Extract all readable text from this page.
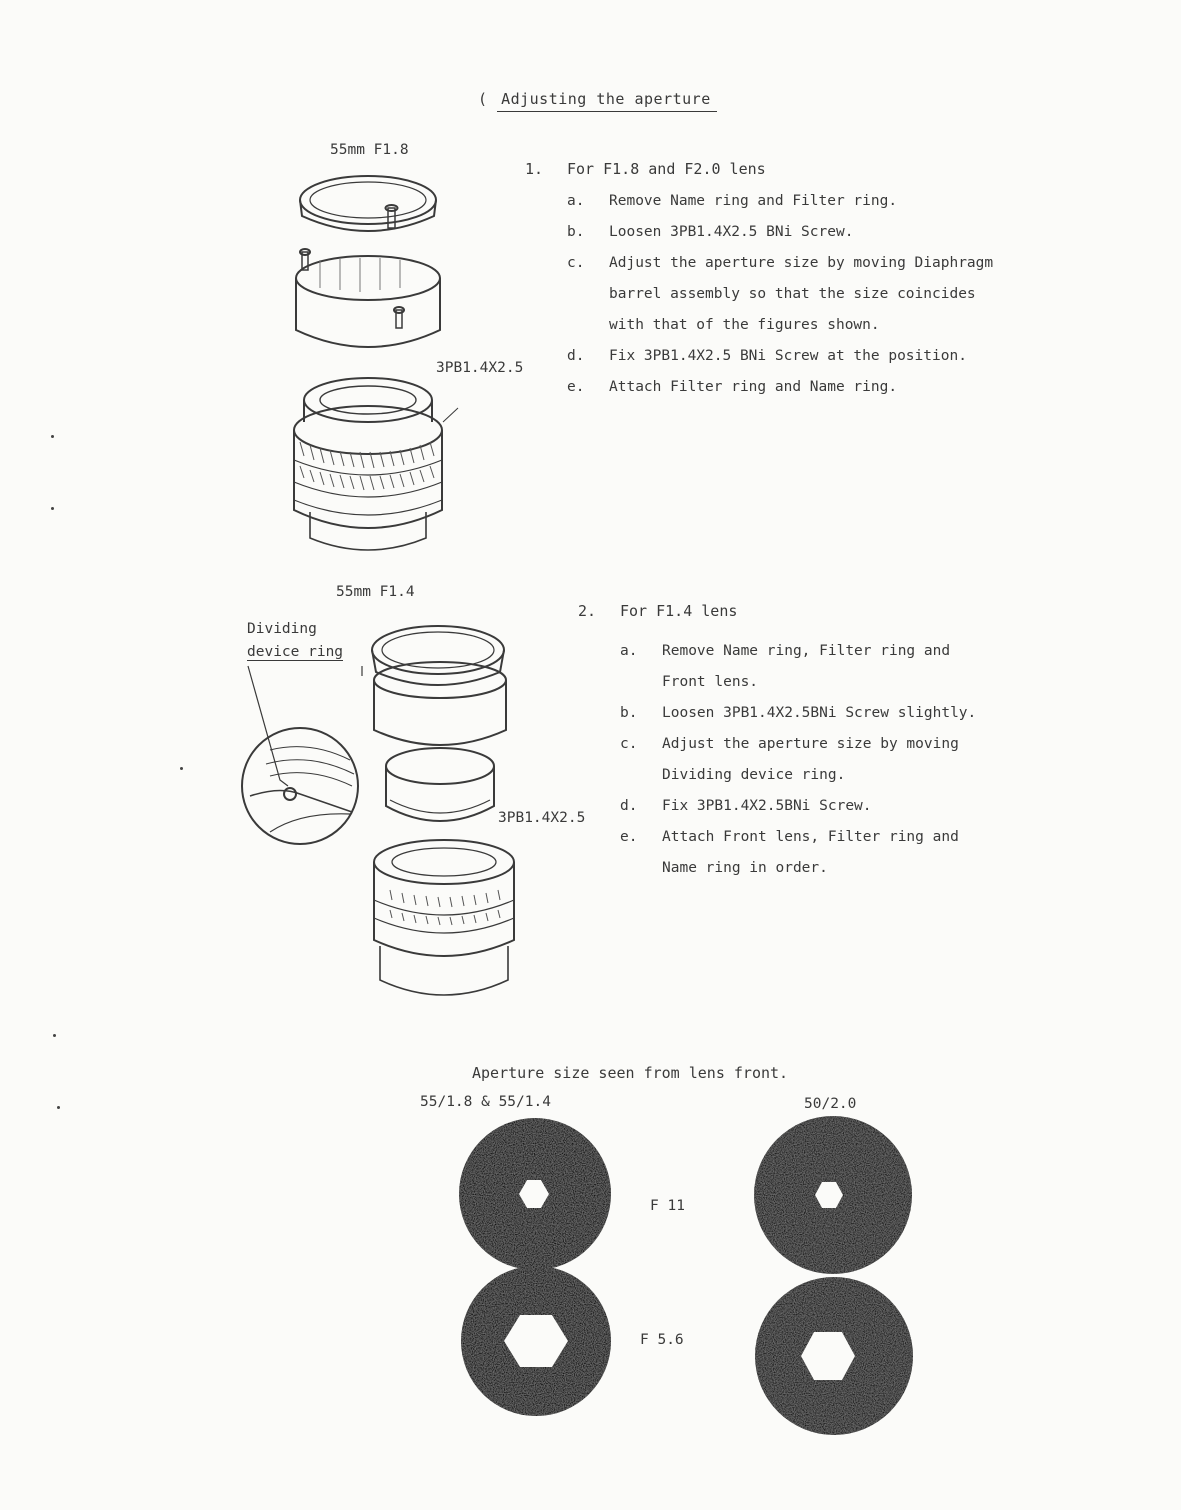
( Adjusting the aperture
55mm F1.8
3PB1.4X2.5
1. For F1.8 and F2.0 lens
a. Remove Name ring and Filter ring.
b. Loosen 3PB1.4X2.5 BNi Screw.
c. Adjust the aperture size by moving Diaphragm
barrel assembly so that the size coincides
with that of the figures shown.
d. Fix 3PB1.4X2.5 BNi Screw at the position.
e. Attach Filter ring and Name ring.
55mm F1.4
Dividing
device ring
3PB1.4X2.5
2. For F1.4 lens
a. Remove Name ring, Filter ring and
Front lens.
b. Loosen 3PB1.4X2.5BNi Screw slightly.
c. Adjust the aperture size by moving
Dividing device ring.
d. Fix 3PB1.4X2.5BNi Screw.
e. Attach Front lens, Filter ring and
Name ring in order.
Aperture size seen from lens front.
55/1.8 & 55/1.4	50/2.0
F 11
F 5.6
